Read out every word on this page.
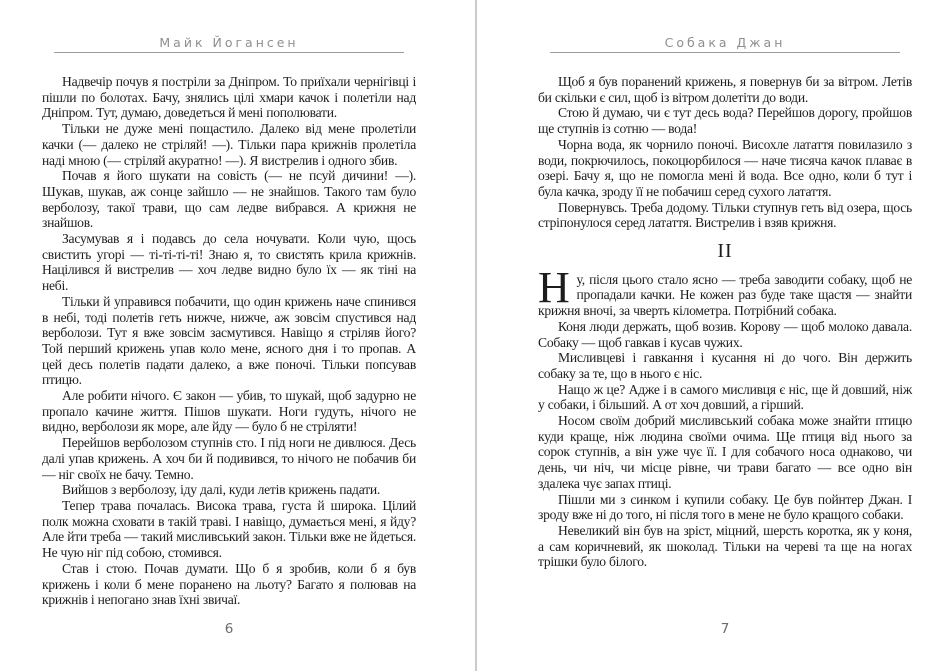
Майк Йогансен

Надвечір почув я постріли за Дніпром. То приїхали чернігівці і пішли по болотах. Бачу, знялись цілі хмари качок і полетіли над Дніпром. Тут, думаю, доведеться й мені пополювати.

Тільки не дуже мені пощастило. Далеко від мене пролетіли качки (— далеко не стріляй! —). Тільки пара крижнів пролетіла наді мною (— стріляй акуратно! —). Я вистрелив і одного збив.

Почав я його шукати на совість (— не псуй дичини! —). Шукав, шукав, аж сонце зайшло — не знайшов. Такого там було верболозу, такої трави, що сам ледве вибрався. А крижня не знайшов.

Засумував я і подавсь до села ночувати. Коли чую, щось свистить угорі — ті-ті-ті-ті! Знаю я, то свистять крила крижнів. Націлився й вистрелив — хоч ледве видно було їх — як тіні на небі.

Тільки й управився побачити, що один крижень наче спинився в небі, тоді полетів геть нижче, нижче, аж зовсім спустився над верболози. Тут я вже зовсім засмутився. Навіщо я стріляв його? Той перший крижень упав коло мене, ясного дня і то пропав. А цей десь полетів падати далеко, а вже поночі. Тільки попсував птицю.

Але робити нічого. Є закон — убив, то шукай, щоб задурно не пропало качине життя. Пішов шукати. Ноги гудуть, нічого не видно, верболози як море, але йду — було б не стріляти!

Перейшов верболозом ступнів сто. І під ноги не дивлюся. Десь далі упав крижень. А хоч би й подивився, то нічого не побачив би — ніг своїх не бачу. Темно.

Вийшов з верболозу, іду далі, куди летів крижень падати.

Тепер трава почалась. Висока трава, густа й широка. Цілий полк можна сховати в такій траві. І навіщо, думається мені, я йду? Але йти треба — такий мисливський закон. Тільки вже не йдеться. Не чую ніг під собою, стомився.

Став і стою. Почав думати. Що б я зробив, коли б я був крижень і коли б мене поранено на льоту? Багато я полював на крижнів і непогано знав їхні звичаї.

6
Собака Джан

Щоб я був поранений крижень, я повернув би за вітром. Летів би скільки є сил, щоб із вітром долетіти до води.

Стою й думаю, чи є тут десь вода? Перейшов дорогу, пройшов ще ступнів із сотню — вода!

Чорна вода, як чорнило поночі. Висохле латаття повилазило з води, покрючилось, покоцюрбилося — наче тисяча качок плаває в озері. Бачу я, що не помогла мені й вода. Все одно, коли б тут і була качка, зроду її не побачиш серед сухого латаття.

Повернувсь. Треба додому. Тільки ступнув геть від озера, щось стріпонулося серед латаття. Вистрелив і взяв крижня.

ІІ

Ну, після цього стало ясно — треба заводити собаку, щоб не пропадали качки. Не кожен раз буде таке щастя — знайти крижня вночі, за чверть кілометра. Потрібний собака.

Коня люди держать, щоб возив. Корову — щоб молоко давала. Собаку — щоб гавкав і кусав чужих.

Мисливцеві і гавкання і кусання ні до чого. Він держить собаку за те, що в нього є ніс.

Нащо ж це? Адже і в самого мисливця є ніс, ще й довший, ніж у собаки, і більший. А от хоч довший, а гірший.

Носом своїм добрий мисливський собака може знайти птицю куди краще, ніж людина своїми очима. Ще птиця від нього за сорок ступнів, а він уже чує її. І для собачого носа однаково, чи день, чи ніч, чи місце рівне, чи трави багато — все одно він здалека чує запах птиці.

Пішли ми з синком і купили собаку. Це був пойнтер Джан. І зроду вже ні до того, ні після того в мене не було кращого собаки.

Невеликий він був на зріст, міцний, шерсть коротка, як у коня, а сам коричневий, як шоколад. Тільки на череві та ще на ногах трішки було білого.

7
